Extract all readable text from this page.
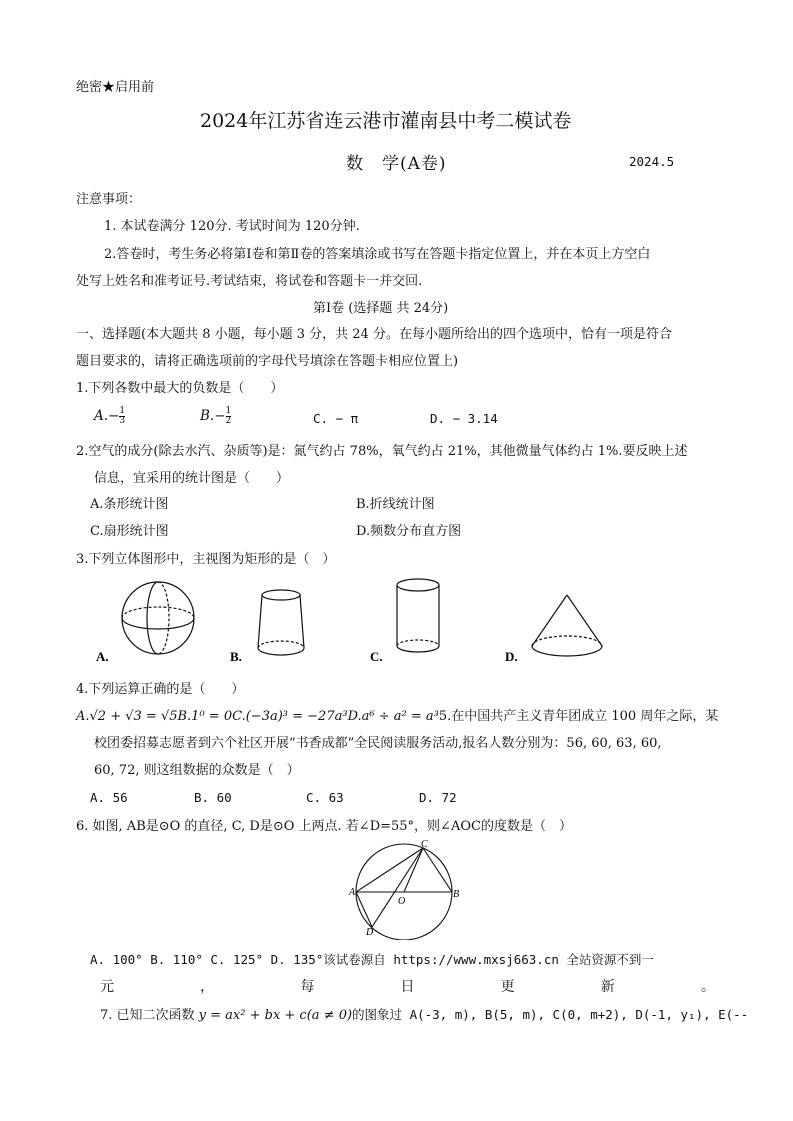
绝密★启用前
2024年江苏省连云港市灌南县中考二模试卷
数　学(A卷)	2024.5
注意事项：
1. 本试卷满分 120分. 考试时间为 120分钟.
2.答卷时，考生务必将第Ⅰ卷和第Ⅱ卷的答案填涂或书写在答题卡指定位置上，并在本页上方空白
处写上姓名和准考证号.考试结束，将试卷和答题卡一并交回.
第Ⅰ卷 (选择题 共 24分)
一、选择题(本大题共 8 小题，每小题 3 分，共 24 分。在每小题所给出的四个选项中，恰有一项是符合
题目要求的，请将正确选项前的字母代号填涂在答题卡相应位置上)
1.下列各数中最大的负数是（　　）
$A.- \frac{1}{3}$	$B.- \frac{1}{2}$	C. − π	D. − 3.14
2.空气的成分(除去水汽、杂质等)是：氮气约占 78%，氧气约占 21%，其他微量气体约占 1%.要反映上述
信息，宜采用的统计图是（　　）
A.条形统计图	B.折线统计图
C.扇形统计图	D.频数分布直方图
3.下列立体图形中，主视图为矩形的是（　）
A.	B.	C.	D.
4.下列运算正确的是（　　）
A.√2 + √3 = √5B.1⁰ = 0C.(−3a)³ = −27a³D.a⁶ ÷ a² = a³5.在中国共产主义青年团成立 100 周年之际，某
校团委招募志愿者到六个社区开展“书香成都”全民阅读服务活动,报名人数分别为：56, 60, 63, 60,
60, 72, 则这组数据的众数是（　）
A. 56	B. 60	C. 63	D. 72
6. 如图, AB是⊙O 的直径, C, D是⊙O 上两点. 若∠D=55°，则∠AOC的度数是（　）
C
A	B
O
D
A. 100° B. 110° C. 125° D. 135°该试卷源自 https://www.mxsj663.cn 全站资源不到一
元	，	每	日	更	新	。
7. 已知二次函数 y = ax² + bx + c(a ≠ 0)的图象过 A(-3, m), B(5, m), C(0, m+2), D(-1, y₁), E(--
